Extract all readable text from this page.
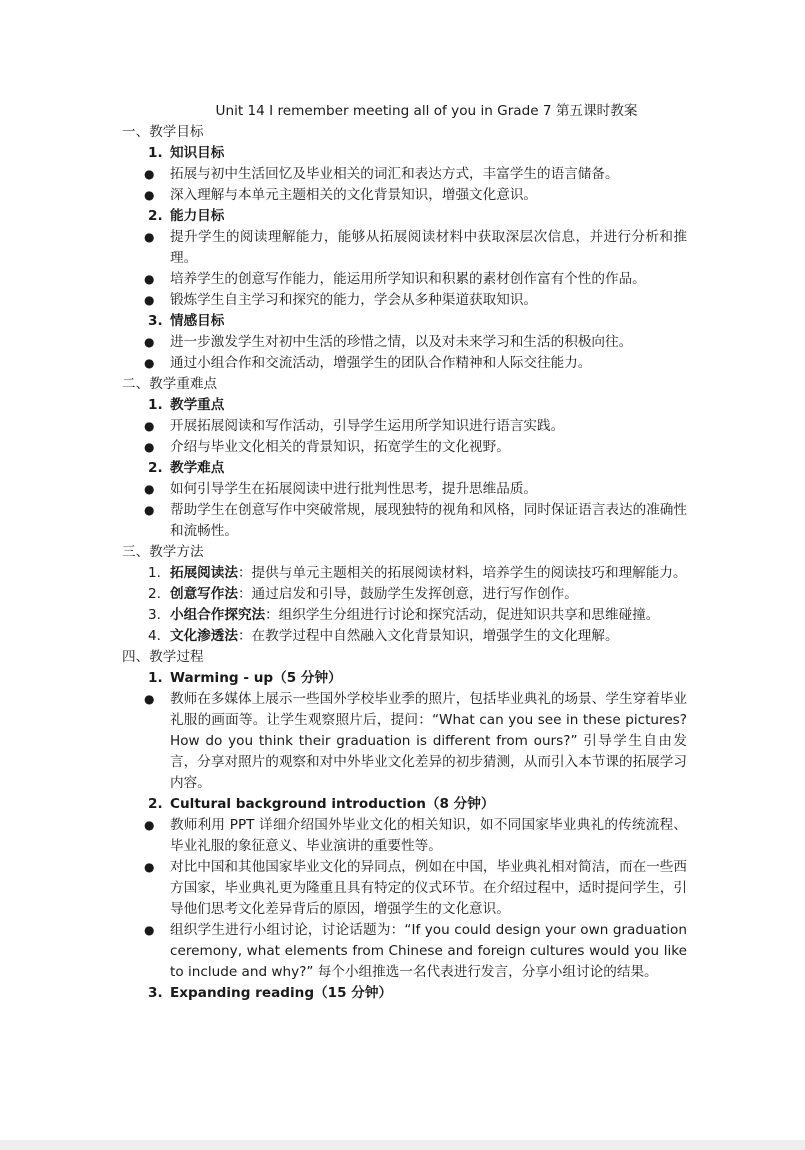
Unit 14 I remember meeting all of you in Grade 7 第五课时教案
一、教学目标
1. 知识目标
● 拓展与初中生活回忆及毕业相关的词汇和表达方式，丰富学生的语言储备。
● 深入理解与本单元主题相关的文化背景知识，增强文化意识。
2. 能力目标
● 提升学生的阅读理解能力，能够从拓展阅读材料中获取深层次信息，并进行分析和推理。
● 培养学生的创意写作能力，能运用所学知识和积累的素材创作富有个性的作品。
● 锻炼学生自主学习和探究的能力，学会从多种渠道获取知识。
3. 情感目标
● 进一步激发学生对初中生活的珍惜之情，以及对未来学习和生活的积极向往。
● 通过小组合作和交流活动，增强学生的团队合作精神和人际交往能力。
二、教学重难点
1. 教学重点
● 开展拓展阅读和写作活动，引导学生运用所学知识进行语言实践。
● 介绍与毕业文化相关的背景知识，拓宽学生的文化视野。
2. 教学难点
● 如何引导学生在拓展阅读中进行批判性思考，提升思维品质。
● 帮助学生在创意写作中突破常规，展现独特的视角和风格，同时保证语言表达的准确性和流畅性。
三、教学方法
1. 拓展阅读法：提供与单元主题相关的拓展阅读材料，培养学生的阅读技巧和理解能力。
2. 创意写作法：通过启发和引导，鼓励学生发挥创意，进行写作创作。
3. 小组合作探究法：组织学生分组进行讨论和探究活动，促进知识共享和思维碰撞。
4. 文化渗透法：在教学过程中自然融入文化背景知识，增强学生的文化理解。
四、教学过程
1. Warming - up（5 分钟）
● 教师在多媒体上展示一些国外学校毕业季的照片，包括毕业典礼的场景、学生穿着毕业礼服的画面等。让学生观察照片后，提问：“What can you see in these pictures? How do you think their graduation is different from ours?” 引导学生自由发言，分享对照片的观察和对中外毕业文化差异的初步猜测，从而引入本节课的拓展学习内容。
2. Cultural background introduction（8 分钟）
● 教师利用 PPT 详细介绍国外毕业文化的相关知识，如不同国家毕业典礼的传统流程、毕业礼服的象征意义、毕业演讲的重要性等。
● 对比中国和其他国家毕业文化的异同点，例如在中国，毕业典礼相对简洁，而在一些西方国家，毕业典礼更为隆重且具有特定的仪式环节。在介绍过程中，适时提问学生，引导他们思考文化差异背后的原因，增强学生的文化意识。
● 组织学生进行小组讨论，讨论话题为：“If you could design your own graduation ceremony, what elements from Chinese and foreign cultures would you like to include and why?” 每个小组推选一名代表进行发言，分享小组讨论的结果。
3. Expanding reading（15 分钟）
